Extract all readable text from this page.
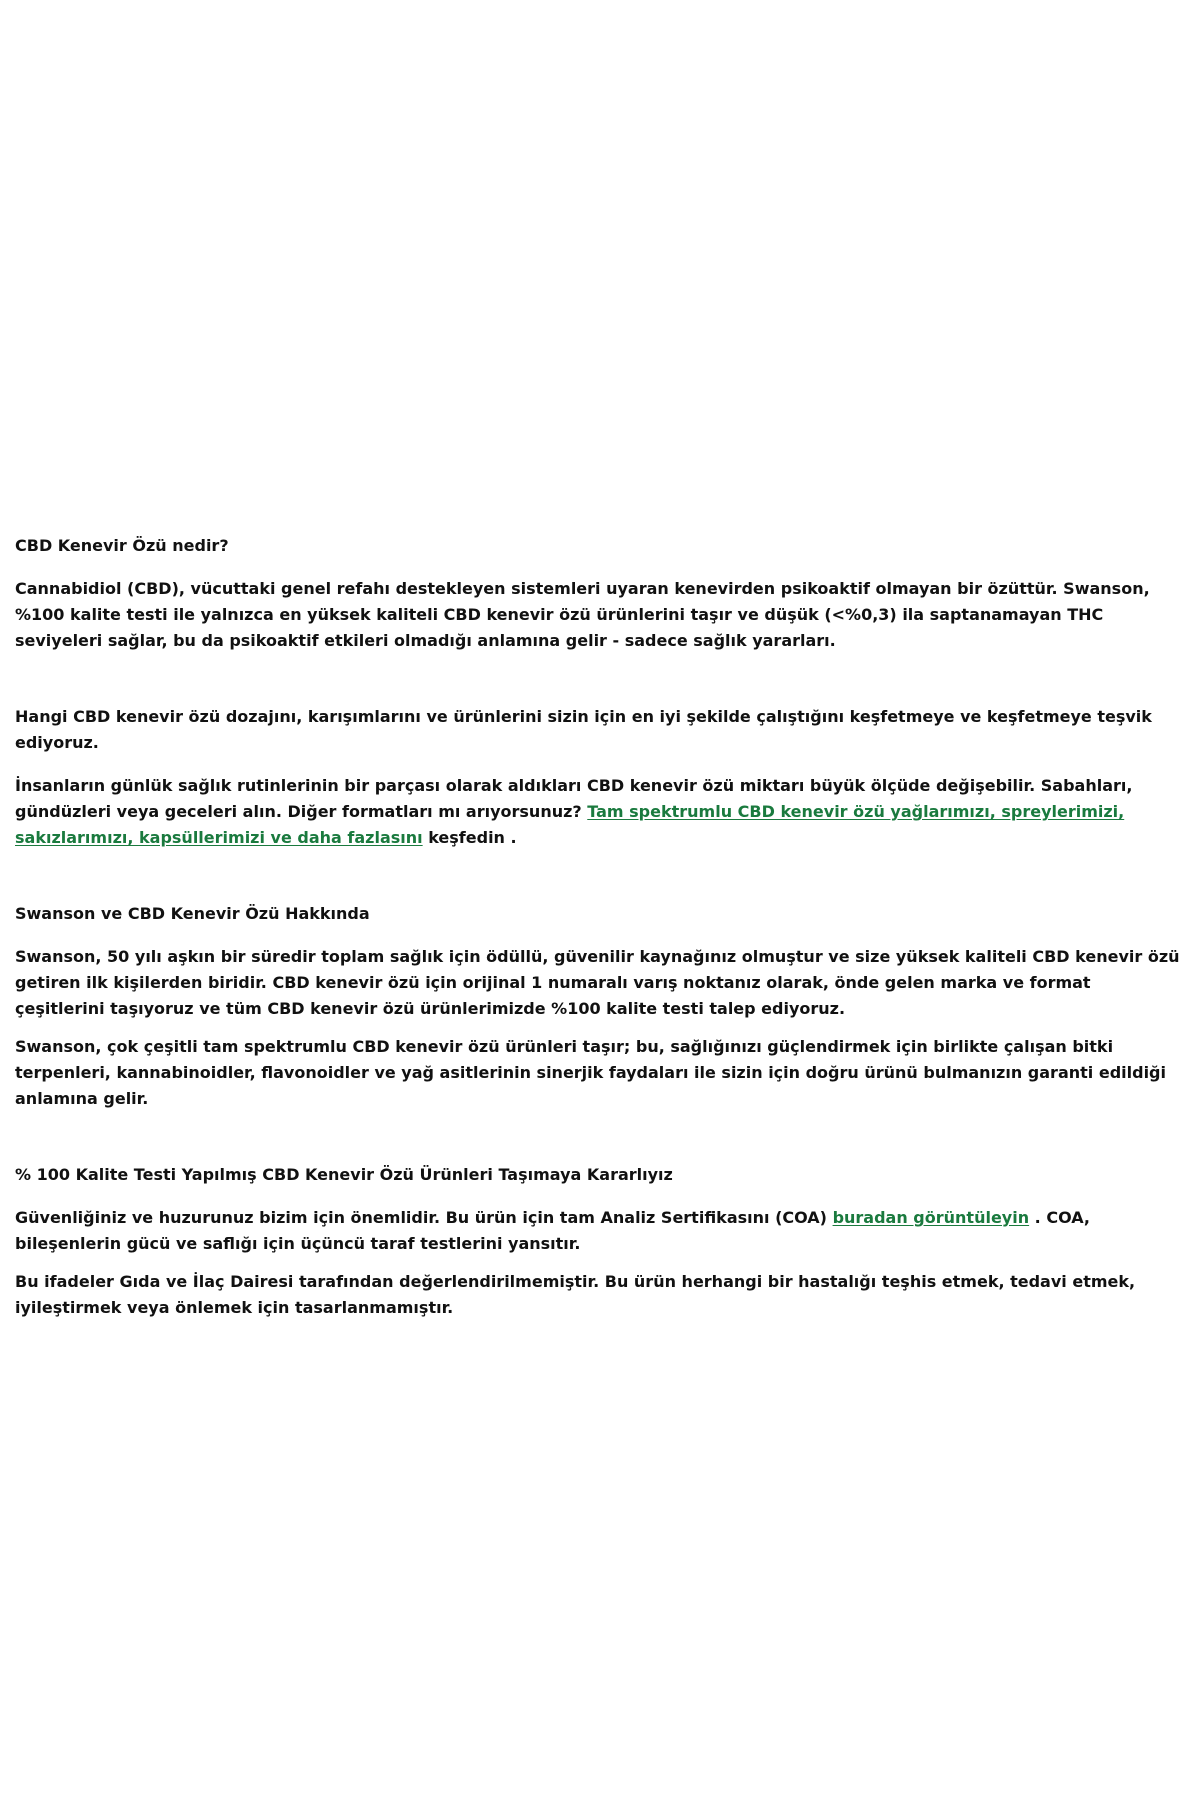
CBD Kenevir Özü nedir?

Cannabidiol (CBD), vücuttaki genel refahı destekleyen sistemleri uyaran kenevirden psikoaktif olmayan bir özüttür. Swanson, %100 kalite testi ile yalnızca en yüksek kaliteli CBD kenevir özü ürünlerini taşır ve düşük (<%0,3) ila saptanamayan THC seviyeleri sağlar, bu da psikoaktif etkileri olmadığı anlamına gelir - sadece sağlık yararları.

Hangi CBD kenevir özü dozajını, karışımlarını ve ürünlerini sizin için en iyi şekilde çalıştığını keşfetmeye ve keşfetmeye teşvik ediyoruz.

İnsanların günlük sağlık rutinlerinin bir parçası olarak aldıkları CBD kenevir özü miktarı büyük ölçüde değişebilir. Sabahları, gündüzleri veya geceleri alın. Diğer formatları mı arıyorsunuz? Tam spektrumlu CBD kenevir özü yağlarımızı, spreylerimizi, sakızlarımızı, kapsüllerimizi ve daha fazlasını keşfedin .

Swanson ve CBD Kenevir Özü Hakkında

Swanson, 50 yılı aşkın bir süredir toplam sağlık için ödüllü, güvenilir kaynağınız olmuştur ve size yüksek kaliteli CBD kenevir özü getiren ilk kişilerden biridir. CBD kenevir özü için orijinal 1 numaralı varış noktanız olarak, önde gelen marka ve format çeşitlerini taşıyoruz ve tüm CBD kenevir özü ürünlerimizde %100 kalite testi talep ediyoruz.

Swanson, çok çeşitli tam spektrumlu CBD kenevir özü ürünleri taşır; bu, sağlığınızı güçlendirmek için birlikte çalışan bitki terpenleri, kannabinoidler, flavonoidler ve yağ asitlerinin sinerjik faydaları ile sizin için doğru ürünü bulmanızın garanti edildiği anlamına gelir.

% 100 Kalite Testi Yapılmış CBD Kenevir Özü Ürünleri Taşımaya Kararlıyız

Güvenliğiniz ve huzurunuz bizim için önemlidir. Bu ürün için tam Analiz Sertifikasını (COA) buradan görüntüleyin . COA, bileşenlerin gücü ve saflığı için üçüncü taraf testlerini yansıtır.

Bu ifadeler Gıda ve İlaç Dairesi tarafından değerlendirilmemiştir. Bu ürün herhangi bir hastalığı teşhis etmek, tedavi etmek, iyileştirmek veya önlemek için tasarlanmamıştır.
